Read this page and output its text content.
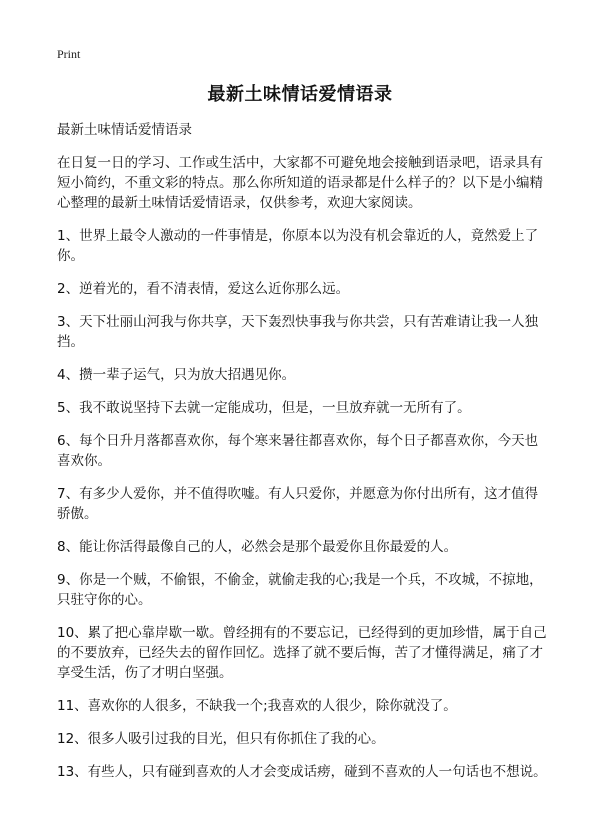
Print
最新土味情话爱情语录

最新土味情话爱情语录

在日复一日的学习、工作或生活中，大家都不可避免地会接触到语录吧，语录具有短小简约，不重文彩的特点。那么你所知道的语录都是什么样子的？以下是小编精心整理的最新土味情话爱情语录，仅供参考，欢迎大家阅读。

1、世界上最令人激动的一件事情是，你原本以为没有机会靠近的人，竟然爱上了你。

2、逆着光的，看不清表情，爱这么近你那么远。

3、天下壮丽山河我与你共享，天下轰烈快事我与你共尝，只有苦难请让我一人独挡。

4、攒一辈子运气，只为放大招遇见你。

5、我不敢说坚持下去就一定能成功，但是，一旦放弃就一无所有了。

6、每个日升月落都喜欢你，每个寒来暑往都喜欢你，每个日子都喜欢你，今天也喜欢你。

7、有多少人爱你，并不值得吹嘘。有人只爱你，并愿意为你付出所有，这才值得骄傲。

8、能让你活得最像自己的人，必然会是那个最爱你且你最爱的人。

9、你是一个贼，不偷银，不偷金，就偷走我的心;我是一个兵，不攻城，不掠地，只驻守你的心。

10、累了把心靠岸歇一歇。曾经拥有的不要忘记，已经得到的更加珍惜，属于自己的不要放弃，已经失去的留作回忆。选择了就不要后悔，苦了才懂得满足，痛了才享受生活，伤了才明白坚强。

11、喜欢你的人很多，不缺我一个;我喜欢的人很少，除你就没了。

12、很多人吸引过我的目光，但只有你抓住了我的心。

13、有些人，只有碰到喜欢的人才会变成话痨，碰到不喜欢的人一句话也不想说。
